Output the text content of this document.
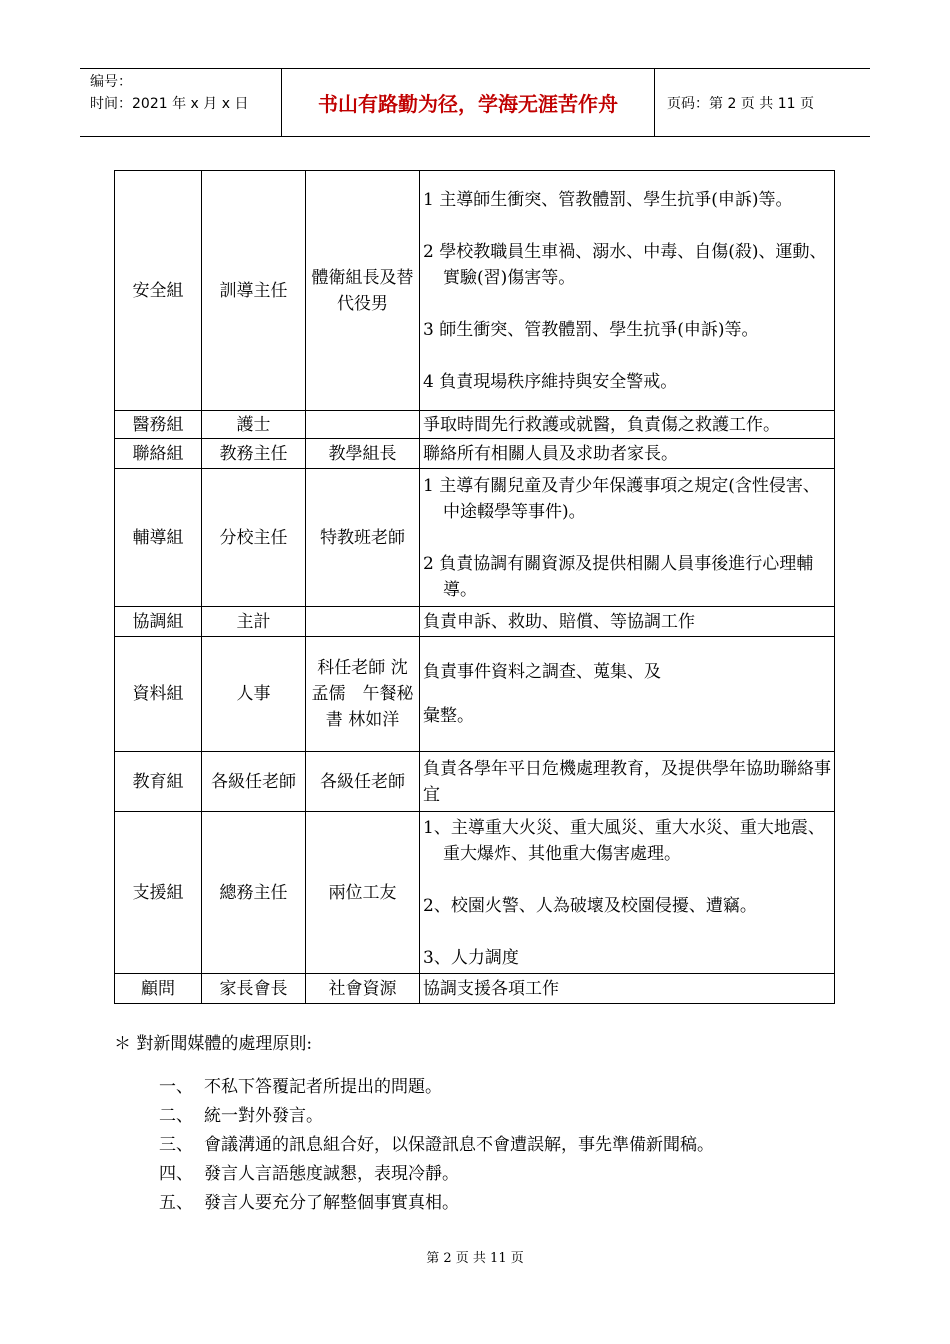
编号：
时间：2021 年 x 月 x 日	书山有路勤为径，学海无涯苦作舟	页码：第 2 页 共 11 页
安全組	訓導主任	體衛組長及替代役男	1 主導師生衝突、管教體罰、學生抗爭(申訴)等。
2 學校教職員生車禍、溺水、中毒、自傷(殺)、運動、實驗(習)傷害等。
3 師生衝突、管教體罰、學生抗爭(申訴)等。
4 負責現場秩序維持與安全警戒。

醫務組	護士		爭取時間先行救護或就醫，負責傷之救護工作。

聯絡組	教務主任	教學組長	聯絡所有相關人員及求助者家長。

輔導組	分校主任	特教班老師	1 主導有關兒童及青少年保護事項之規定(含性侵害、中途輟學等事件)。
2 負責協調有關資源及提供相關人員事後進行心理輔導。

協調組	主計		負責申訴、救助、賠償、等協調工作

資料組	人事	科任老師 沈孟儒　午餐秘書 林如洋	負責事件資料之調查、蒐集、及
彙整。

教育組	各級任老師	各級任老師	負責各學年平日危機處理教育，及提供學年協助聯絡事宜

支援組	總務主任	兩位工友	1、主導重大火災、重大風災、重大水災、重大地震、重大爆炸、其他重大傷害處理。
2、校園火警、人為破壞及校園侵擾、遭竊。
3、人力調度

顧問	家長會長	社會資源	協調支援各項工作

＊ 對新聞媒體的處理原則:

一、 不私下答覆記者所提出的問題。
二、 統一對外發言。
三、 會議溝通的訊息組合好，以保證訊息不會遭誤解，事先準備新聞稿。
四、 發言人言語態度誠懇，表現冷靜。
五、 發言人要充分了解整個事實真相。
第 2 页 共 11 页
